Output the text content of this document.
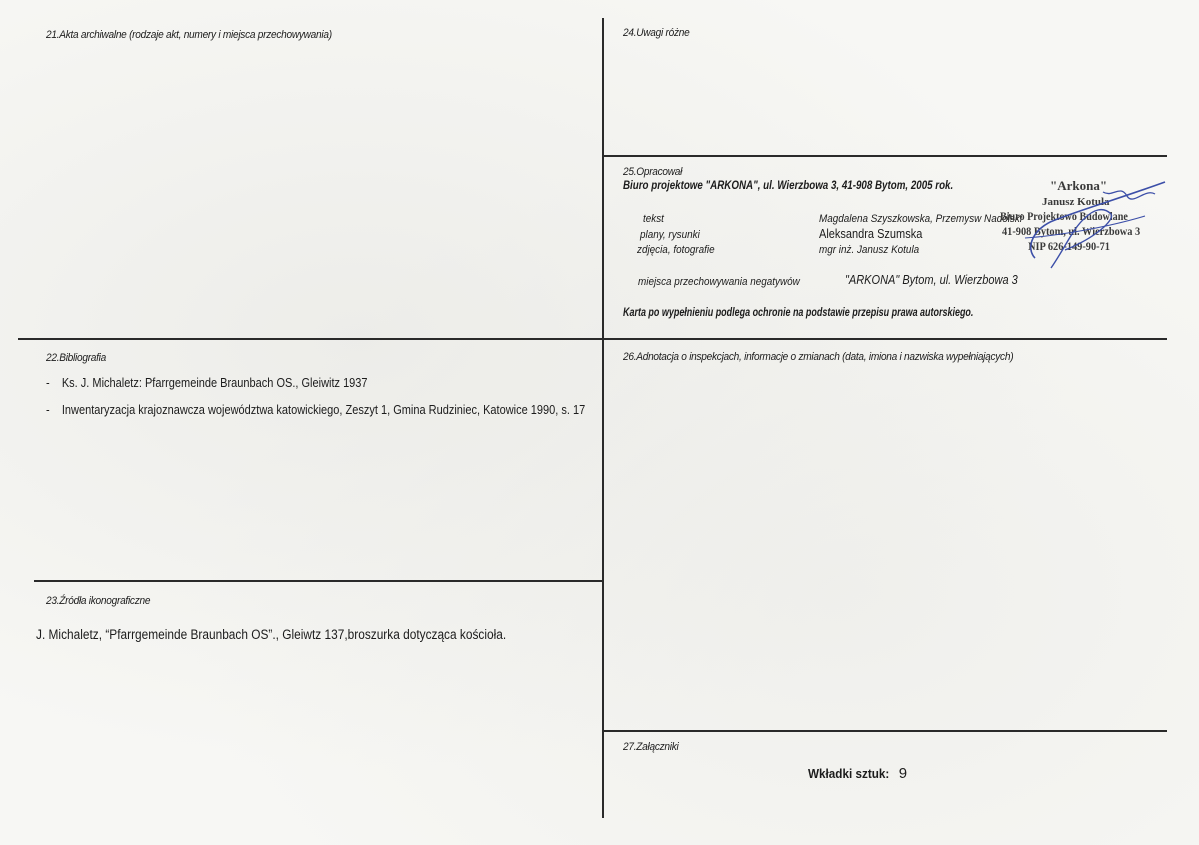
21.Akta archiwalne (rodzaje akt, numery i miejsca przechowywania)	24.Uwagi różne
25.Opracował
Biuro projektowe "ARKONA", ul. Wierzbowa 3, 41-908 Bytom, 2005 rok.
tekst	Magdalena Szyszkowska, Przemysw Nadolski
plany, rysunki	Aleksandra Szumska
zdjęcia, fotografie	mgr inż. Janusz Kotula
miejsca przechowywania negatywów	"ARKONA" Bytom, ul. Wierzbowa 3
Karta po wypełnieniu podlega ochronie na podstawie przepisu prawa autorskiego.
"Arkona"
Janusz Kotula
Biuro Projektowo Budowlane
41-908 Bytom, ul. Wierzbowa 3
NIP 626-149-90-71
22.Bibliografia
- Ks. J. Michaletz: Pfarrgemeinde Braunbach OS., Gleiwitz 1937
- Inwentaryzacja krajoznawcza województwa katowickiego, Zeszyt 1, Gmina Rudziniec, Katowice 1990, s. 17
26.Adnotacja o inspekcjach, informacje o zmianach (data, imiona i nazwiska wypełniających)
23.Źródła ikonograficzne
J. Michaletz, “Pfarrgemeinde Braunbach OS”., Gleiwtz 137,broszurka dotycząca kościoła.
27.Załączniki
Wkładki sztuk: 9
